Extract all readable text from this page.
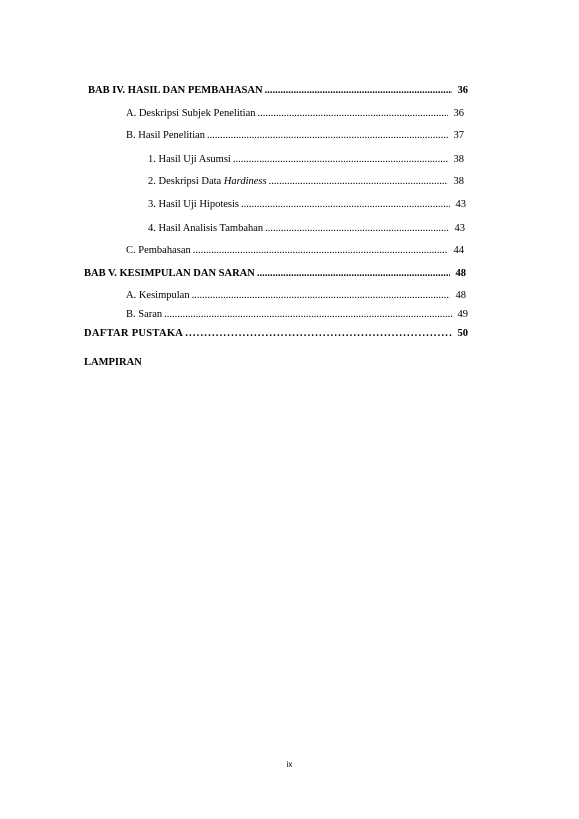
BAB IV. HASIL DAN PEMBAHASAN .....	36
A. Deskripsi Subjek Penelitian .....	36
B. Hasil Penelitian .....	37
1. Hasil Uji Asumsi .....	38
2. Deskripsi Data Hardiness .....	38
3. Hasil Uji Hipotesis .....	43
4. Hasil Analisis Tambahan .....	43
C. Pembahasan .....	44
BAB V. KESIMPULAN DAN SARAN .....	48
A. Kesimpulan .....	48
B. Saran .....	49
DAFTAR PUSTAKA .....	50
LAMPIRAN
ix
